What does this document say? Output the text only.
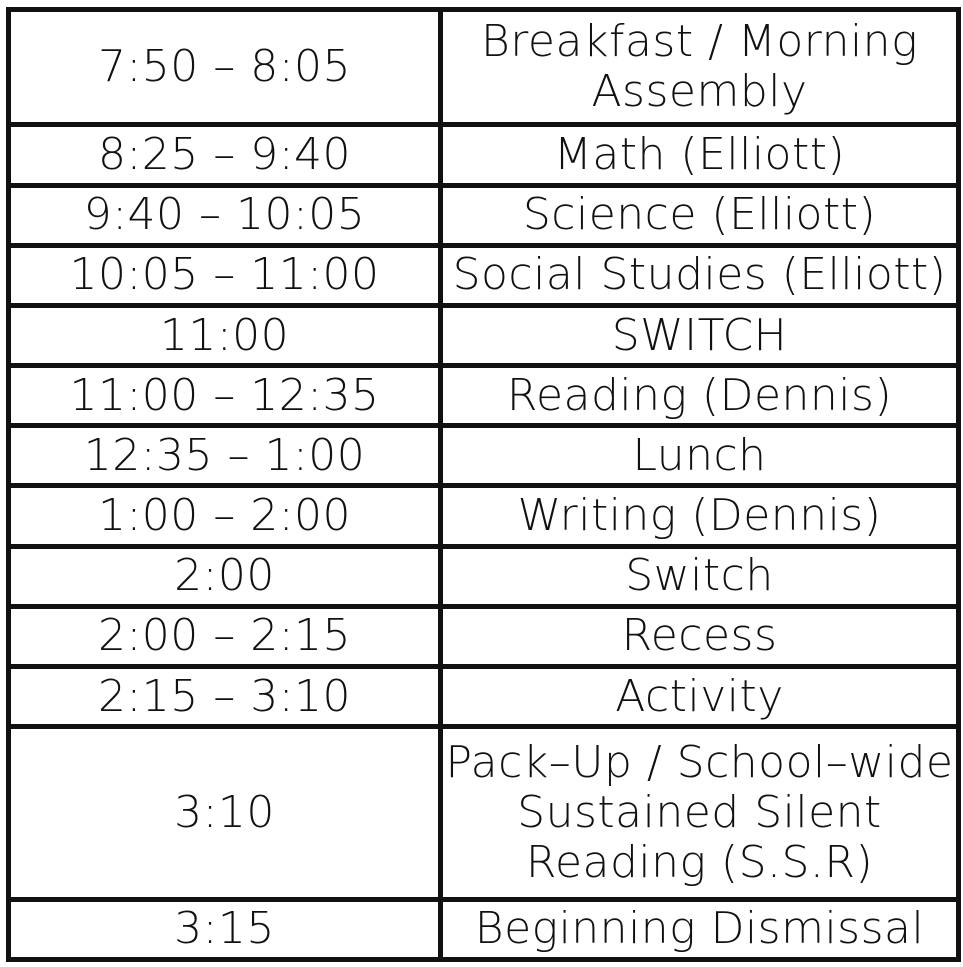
7:50 – 8:05	Breakfast / Morning
Assembly
8:25 – 9:40	Math (Elliott)
9:40 – 10:05	Science (Elliott)
10:05 – 11:00	Social Studies (Elliott)
11:00	SWITCH
11:00 – 12:35	Reading (Dennis)
12:35 – 1:00	Lunch
1:00 – 2:00	Writing (Dennis)
2:00	Switch
2:00 – 2:15	Recess
2:15 – 3:10	Activity
3:10	Pack–Up / School–wide
Sustained Silent
Reading (S.S.R)
3:15	Beginning Dismissal
